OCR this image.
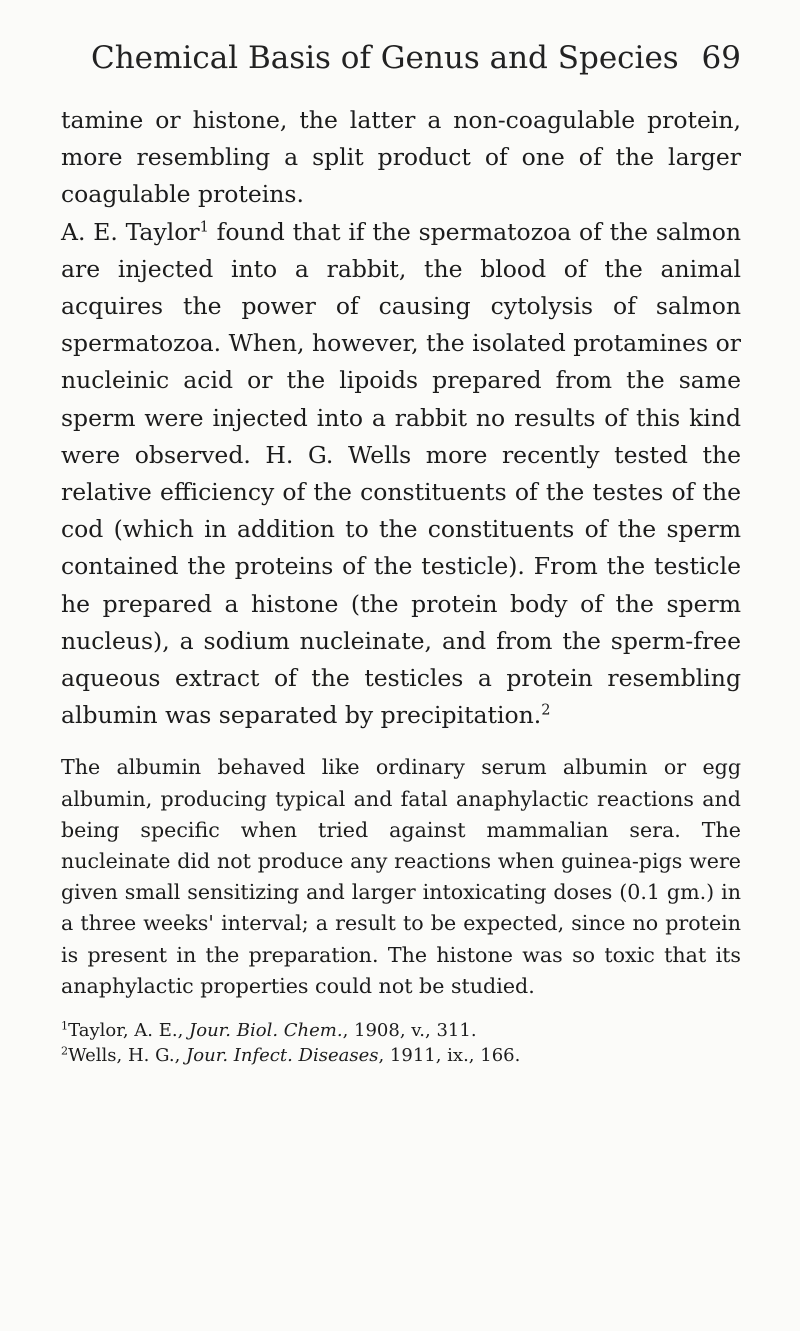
Chemical Basis of Genus and Species 69

tamine or histone, the latter a non-coagulable protein, more resembling a split product of one of the larger coagulable proteins.

A. E. Taylor$^1$ found that if the spermatozoa of the salmon are injected into a rabbit, the blood of the animal acquires the power of causing cytolysis of salmon spermatozoa. When, however, the isolated protamines or nucleinic acid or the lipoids prepared from the same sperm were injected into a rabbit no results of this kind were observed. H. G. Wells more recently tested the relative efficiency of the constituents of the testes of the cod (which in addition to the constituents of the sperm contained the proteins of the testicle). From the testicle he prepared a histone (the protein body of the sperm nucleus), a sodium nucleinate, and from the sperm-free aqueous extract of the testicles a protein resembling albumin was separated by precipitation.$^2$

The albumin behaved like ordinary serum albumin or egg albumin, producing typical and fatal anaphylactic reactions and being specific when tried against mammalian sera. The nucleinate did not produce any reactions when guinea-pigs were given small sensitizing and larger intoxicating doses (0.1 gm.) in a three weeks' interval; a result to be expected, since no protein is present in the preparation. The histone was so toxic that its anaphylactic properties could not be studied.

$^1$Taylor, A. E., Jour. Biol. Chem., 1908, v., 311.

$^2$Wells, H. G., Jour. Infect. Diseases, 1911, ix., 166.
